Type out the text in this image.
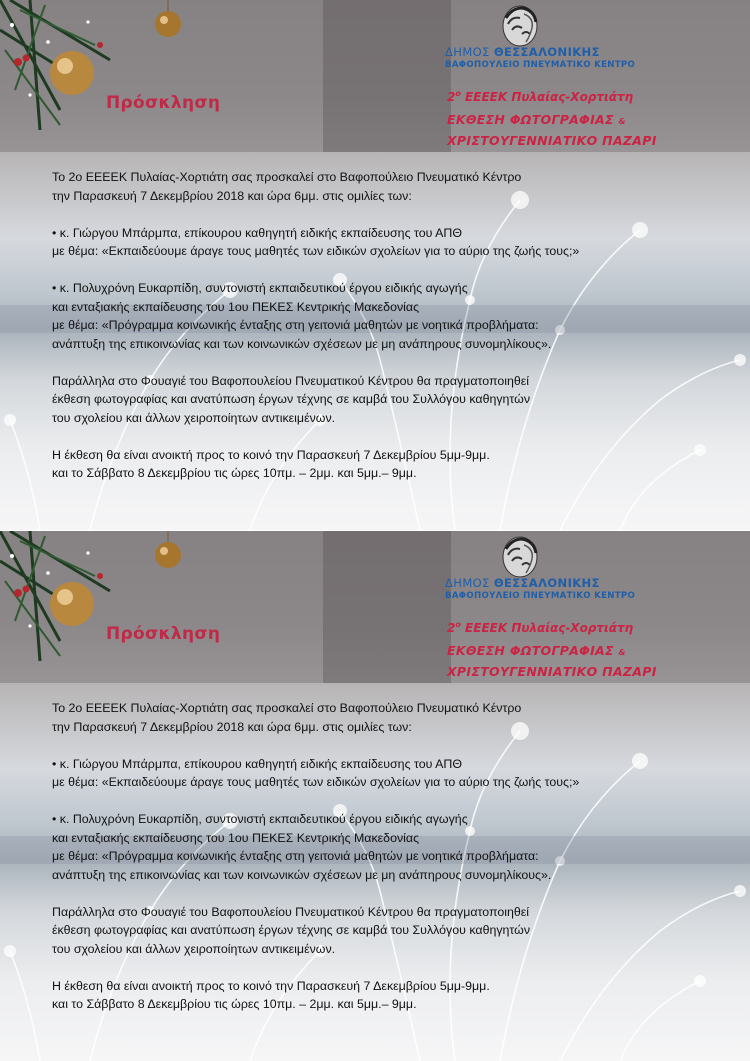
Πρόσκληση
ΔΗΜΟΣ ΘΕΣΣΑΛΟΝΙΚΗΣ
ΒΑΦΟΠΟΥΛΕΙΟ ΠΝΕΥΜΑΤΙΚΟ ΚΕΝΤΡΟ
$2^o$ ΕΕΕΕΚ Πυλαίας-Χορτιάτη
ΕΚΘΕΣΗ ΦΩΤΟΓΡΑΦΙΑΣ &
ΧΡΙΣΤΟΥΓΕΝΝΙΑΤΙΚΟ ΠΑΖΑΡΙ

Το 2ο ΕΕΕΕΚ Πυλαίας-Χορτιάτη σας προσκαλεί στο Βαφοπούλειο Πνευματικό Κέντρο

την Παρασκευή 7 Δεκεμβρίου 2018 και ώρα 6μμ. στις ομιλίες των:

• κ. Γιώργου Μπάρμπα, επίκουρου καθηγητή ειδικής εκπαίδευσης του ΑΠΘ

με θέμα: «Εκπαιδεύουμε άραγε τους μαθητές των ειδικών σχολείων για το αύριο της ζωής τους;»

• κ. Πολυχρόνη Ευκαρπίδη, συντονιστή εκπαιδευτικού έργου ειδικής αγωγής

και ενταξιακής εκπαίδευσης του 1ου ΠΕΚΕΣ Κεντρικής Μακεδονίας

με θέμα: «Πρόγραμμα κοινωνικής ένταξης στη γειτονιά μαθητών με νοητικά προβλήματα:

ανάπτυξη της επικοινωνίας και των κοινωνικών σχέσεων με μη ανάπηρους συνομηλίκους».

Παράλληλα στο Φουαγιέ του Βαφοπουλείου Πνευματικού Κέντρου θα πραγματοποιηθεί

έκθεση φωτογραφίας και ανατύπωση έργων τέχνης σε καμβά του Συλλόγου καθηγητών

του σχολείου και άλλων χειροποίητων αντικειμένων.

Η έκθεση θα είναι ανοικτή προς το κοινό την Παρασκευή 7 Δεκεμβρίου 5μμ-9μμ.

και το Σάββατο 8 Δεκεμβρίου τις ώρες 10πμ. – 2μμ. και 5μμ.– 9μμ.

Πρόσκληση
ΔΗΜΟΣ ΘΕΣΣΑΛΟΝΙΚΗΣ
ΒΑΦΟΠΟΥΛΕΙΟ ΠΝΕΥΜΑΤΙΚΟ ΚΕΝΤΡΟ
$2^o$ ΕΕΕΕΚ Πυλαίας-Χορτιάτη
ΕΚΘΕΣΗ ΦΩΤΟΓΡΑΦΙΑΣ &
ΧΡΙΣΤΟΥΓΕΝΝΙΑΤΙΚΟ ΠΑΖΑΡΙ

Το 2ο ΕΕΕΕΚ Πυλαίας-Χορτιάτη σας προσκαλεί στο Βαφοπούλειο Πνευματικό Κέντρο

την Παρασκευή 7 Δεκεμβρίου 2018 και ώρα 6μμ. στις ομιλίες των:

• κ. Γιώργου Μπάρμπα, επίκουρου καθηγητή ειδικής εκπαίδευσης του ΑΠΘ

με θέμα: «Εκπαιδεύουμε άραγε τους μαθητές των ειδικών σχολείων για το αύριο της ζωής τους;»

• κ. Πολυχρόνη Ευκαρπίδη, συντονιστή εκπαιδευτικού έργου ειδικής αγωγής

και ενταξιακής εκπαίδευσης του 1ου ΠΕΚΕΣ Κεντρικής Μακεδονίας

με θέμα: «Πρόγραμμα κοινωνικής ένταξης στη γειτονιά μαθητών με νοητικά προβλήματα:

ανάπτυξη της επικοινωνίας και των κοινωνικών σχέσεων με μη ανάπηρους συνομηλίκους».

Παράλληλα στο Φουαγιέ του Βαφοπουλείου Πνευματικού Κέντρου θα πραγματοποιηθεί

έκθεση φωτογραφίας και ανατύπωση έργων τέχνης σε καμβά του Συλλόγου καθηγητών

του σχολείου και άλλων χειροποίητων αντικειμένων.

Η έκθεση θα είναι ανοικτή προς το κοινό την Παρασκευή 7 Δεκεμβρίου 5μμ-9μμ.

και το Σάββατο 8 Δεκεμβρίου τις ώρες 10πμ. – 2μμ. και 5μμ.– 9μμ.
